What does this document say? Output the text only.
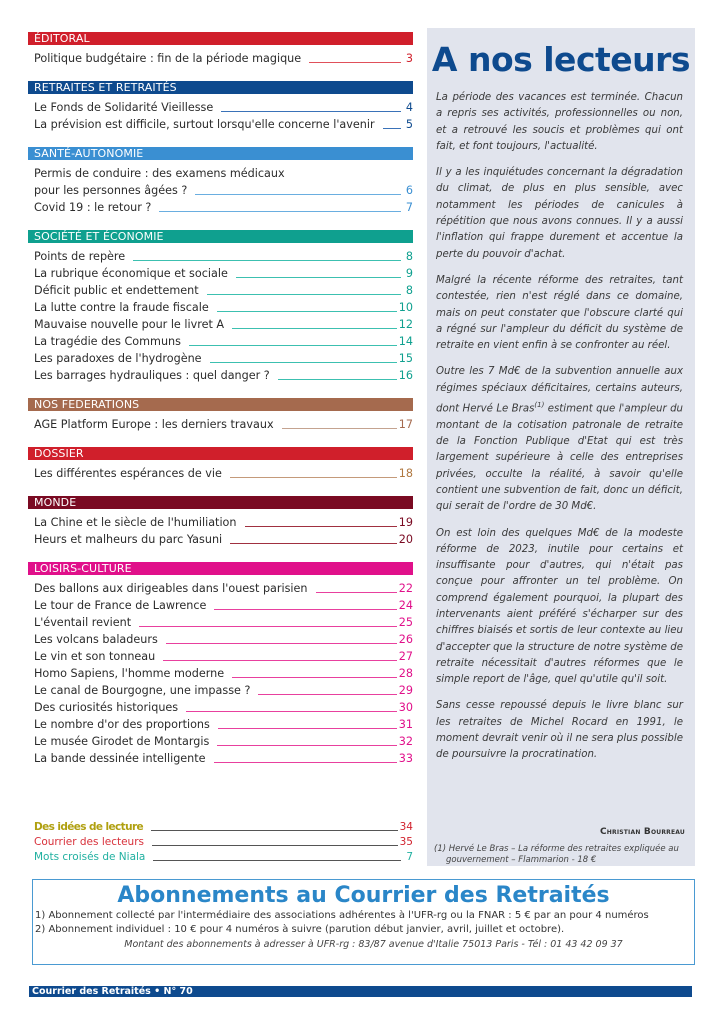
ÉDITORAL
Politique budgétaire : fin de la période magique	3
RETRAITES ET RETRAITÉS
Le Fonds de Solidarité Vieillesse	4
La prévision est difficile, surtout lorsqu'elle concerne l'avenir	5
SANTÉ-AUTONOMIE
Permis de conduire : des examens médicaux
pour les personnes âgées ?	6
Covid 19 : le retour ?	7
SOCIÉTÉ ET ÉCONOMIE
Points de repère	8
La rubrique économique et sociale	9
Déficit public et endettement	8
La lutte contre la fraude fiscale	10
Mauvaise nouvelle pour le livret A	12
La tragédie des Communs	14
Les paradoxes de l'hydrogène	15
Les barrages hydrauliques : quel danger ?	16
NOS FEDERATIONS
AGE Platform Europe : les derniers travaux	17
DOSSIER
Les différentes espérances de vie	18
MONDE
La Chine et le siècle de l'humiliation	19
Heurs et malheurs du parc Yasuni	20
LOISIRS-CULTURE
Des ballons aux dirigeables dans l'ouest parisien	22
Le tour de France de Lawrence	24
L'éventail revient	25
Les volcans baladeurs	26
Le vin et son tonneau	27
Homo Sapiens, l'homme moderne	28
Le canal de Bourgogne, une impasse ?	29
Des curiosités historiques	30
Le nombre d'or des proportions	31
Le musée Girodet de Montargis	32
La bande dessinée intelligente	33
Des idées de lecture	34
Courrier des lecteurs	35
Mots croisés de Niala	7
A nos lecteurs

La période des vacances est terminée. Chacun a repris ses activités, professionnelles ou non, et a retrouvé les soucis et problèmes qui ont fait, et font toujours, l'actualité.

Il y a les inquiétudes concernant la dégradation du climat, de plus en plus sensible, avec notamment les périodes de canicules à répétition que nous avons connues. Il y a aussi l'inflation qui frappe durement et accentue la perte du pouvoir d'achat.

Malgré la récente réforme des retraites, tant contestée, rien n'est réglé dans ce domaine, mais on peut constater que l'obscure clarté qui a régné sur l'ampleur du déficit du système de retraite en vient enfin à se confronter au réel.

Outre les 7 Md€ de la subvention annuelle aux régimes spéciaux déficitaires, certains auteurs, dont Hervé Le Bras$^{(1)}$ estiment que l'ampleur du montant de la cotisation patronale de retraite de la Fonction Publique d'Etat qui est très largement supérieure à celle des entreprises privées, occulte la réalité, à savoir qu'elle contient une subvention de fait, donc un déficit, qui serait de l'ordre de 30 Md€.

On est loin des quelques Md€ de la modeste réforme de 2023, inutile pour certains et insuffisante pour d'autres, qui n'était pas conçue pour affronter un tel problème. On comprend également pourquoi, la plupart des intervenants aient préféré s'écharper sur des chiffres biaisés et sortis de leur contexte au lieu d'accepter que la structure de notre système de retraite nécessitait d'autres réformes que le simple report de l'âge, quel qu'utile qu'il soit.

Sans cesse repoussé depuis le livre blanc sur les retraites de Michel Rocard en 1991, le moment devrait venir où il ne sera plus possible de poursuivre la procratination.

Christian Bourreau
(1) Hervé Le Bras – La réforme des retraites expliquée au
gouvernement – Flammarion - 18 €
Abonnements au Courrier des Retraités
1) Abonnement collecté par l'intermédiaire des associations adhérentes à l'UFR-rg ou la FNAR : 5 € par an pour 4 numéros
2) Abonnement individuel : 10 € pour 4 numéros à suivre (parution début janvier, avril, juillet et octobre).
Montant des abonnements à adresser à UFR-rg : 83/87 avenue d'Italie 75013 Paris - Tél : 01 43 42 09 37
Courrier des Retraités • N° 70
